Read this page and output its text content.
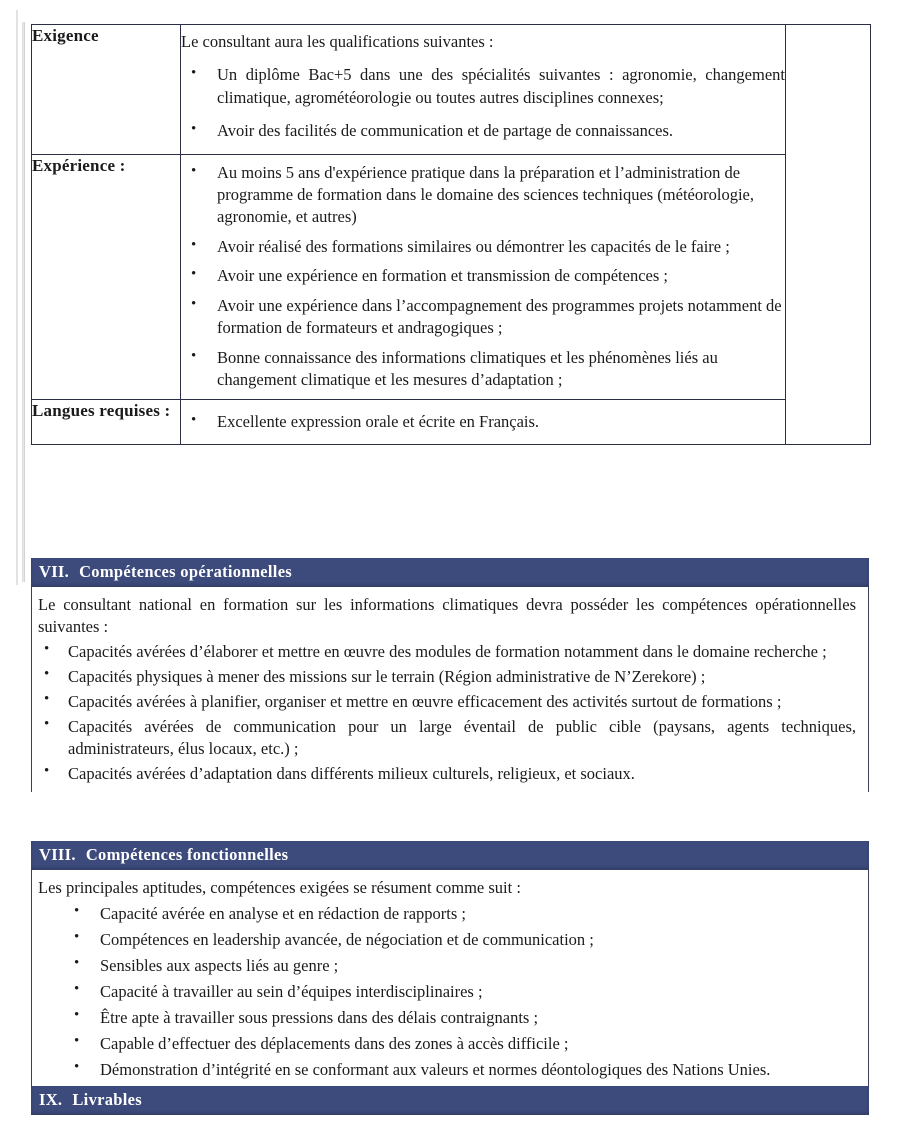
Exigence	Le consultant aura les qualifications suivantes :

• Un diplôme Bac+5 dans une des spécialités suivantes : agronomie, changement climatique, agrométéorologie ou toutes autres disciplines connexes;
• Avoir des facilités de communication et de partage de connaissances.

Expérience :	
•Au moins 5 ans d'expérience pratique dans la préparation et l’administration de programme de formation dans le domaine des sciences techniques (météorologie, agronomie, et autres)
• Avoir réalisé des formations similaires ou démontrer les capacités de le faire ;
• Avoir une expérience en formation et transmission de compétences ;
• Avoir une expérience dans l’accompagnement des programmes projets notamment de formation de formateurs et andragogiques ;
• Bonne connaissance des informations climatiques et les phénomènes liés au changement climatique et les mesures d’adaptation ;

Langues requises :	
• Excellente expression orale et écrite en Français.
VII. Compétences opérationnelles

Le consultant national en formation sur les informations climatiques devra posséder les compétences opérationnelles suivantes :

• Capacités avérées d’élaborer et mettre en œuvre des modules de formation notamment dans le domaine recherche ;
• Capacités physiques à mener des missions sur le terrain (Région administrative de N’Zerekore) ;
• Capacités avérées à planifier, organiser et mettre en œuvre efficacement des activités surtout de formations ;
• Capacités avérées de communication pour un large éventail de public cible (paysans, agents techniques, administrateurs, élus locaux, etc.) ;
• Capacités avérées d’adaptation dans différents milieux culturels, religieux, et sociaux.
VIII. Compétences fonctionnelles

Les principales aptitudes, compétences exigées se résument comme suit :

• Capacité avérée en analyse et en rédaction de rapports ;
• Compétences en leadership avancée, de négociation et de communication ;
• Sensibles aux aspects liés au genre ;
• Capacité à travailler au sein d’équipes interdisciplinaires ;
• Être apte à travailler sous pressions dans des délais contraignants ;
• Capable d’effectuer des déplacements dans des zones à accès difficile ;
• Démonstration d’intégrité en se conformant aux valeurs et normes déontologiques des Nations Unies.
IX. Livrables
